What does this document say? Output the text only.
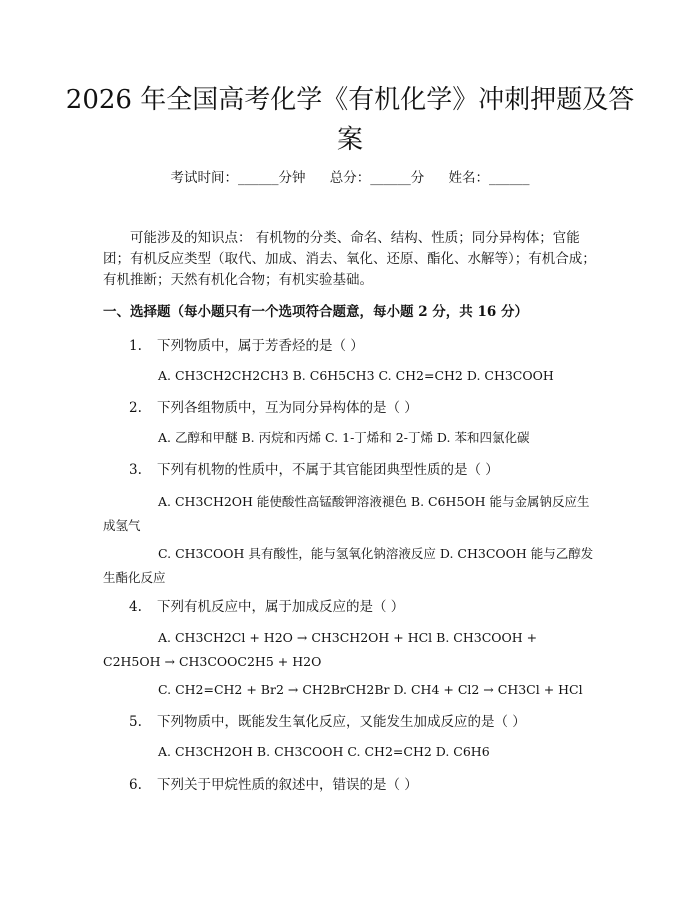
2026 年全国高考化学《有机化学》冲刺押题及答案
考试时间：______分钟 总分：______分 姓名：______

可能涉及的知识点： 有机物的分类、命名、结构、性质；同分异构体；官能团；有机反应类型（取代、加成、消去、氧化、还原、酯化、水解等）；有机合成；有机推断；天然有机化合物；有机实验基础。

一、选择题（每小题只有一个选项符合题意，每小题 2 分，共 16 分）

1. 下列物质中，属于芳香烃的是（ ）

A. CH3CH2CH2CH3 B. C6H5CH3 C. CH2=CH2 D. CH3COOH

2. 下列各组物质中，互为同分异构体的是（ ）

A. 乙醇和甲醚 B. 丙烷和丙烯 C. 1-丁烯和 2-丁烯 D. 苯和四氯化碳

3. 下列有机物的性质中，不属于其官能团典型性质的是（ ）

A. CH3CH2OH 能使酸性高锰酸钾溶液褪色 B. C6H5OH 能与金属钠反应生成氢气

C. CH3COOH 具有酸性，能与氢氧化钠溶液反应 D. CH3COOH 能与乙醇发生酯化反应

4. 下列有机反应中，属于加成反应的是（ ）

A. CH3CH2Cl + H2O → CH3CH2OH + HCl B. CH3COOH + C2H5OH → CH3COOC2H5 + H2O

C. CH2=CH2 + Br2 → CH2BrCH2Br D. CH4 + Cl2 → CH3Cl + HCl

5. 下列物质中，既能发生氧化反应，又能发生加成反应的是（ ）

A. CH3CH2OH B. CH3COOH C. CH2=CH2 D. C6H6

6. 下列关于甲烷性质的叙述中，错误的是（ ）
